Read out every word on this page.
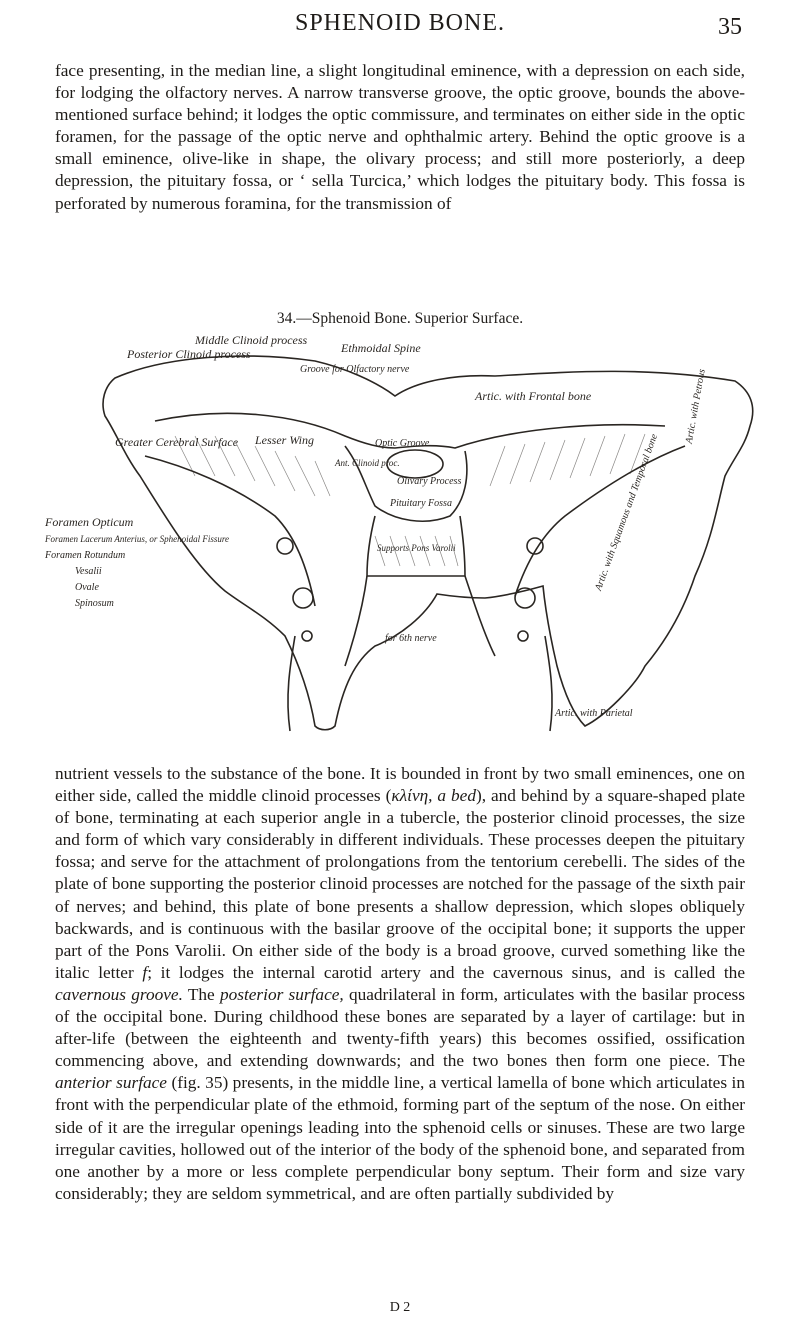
SPHENOID BONE.	35

face presenting, in the median line, a slight longitudinal eminence, with a depression on each side, for lodging the olfactory nerves. A narrow transverse groove, the optic groove, bounds the above-mentioned surface behind; it lodges the optic commissure, and terminates on either side in the optic foramen, for the passage of the optic nerve and ophthalmic artery. Behind the optic groove is a small eminence, olive-like in shape, the olivary process; and still more posteriorly, a deep depression, the pituitary fossa, or ‘ sella Turcica,’ which lodges the pituitary body. This fossa is perforated by numerous foramina, for the transmission of

34.—Sphenoid Bone. Superior Surface.
Middle Clinoid process
Posterior Clinoid process	Ethmoidal Spine
Groove for Olfactory nerve
Artic. with Frontal bone
Lesser Wing
Greater Cerebral Surface	Optic Groove
Olivary Process
Ant. Clinoid proc.
Pituitary Fossa
Foramen Opticum
Foramen Lacerum Anterius, or Sphenoidal Fissure
Foramen Rotundum
Vesalii
Ovale
Spinosum
Supports Pons Varolii
for 6th nerve
Artic. with Parietal
Artic. with Squamous and Temporal bone
Artic. with Petrous

nutrient vessels to the substance of the bone. It is bounded in front by two small eminences, one on either side, called the middle clinoid processes (κλίνη, a bed), and behind by a square-shaped plate of bone, terminating at each superior angle in a tubercle, the posterior clinoid processes, the size and form of which vary considerably in different individuals. These processes deepen the pituitary fossa; and serve for the attachment of prolongations from the tentorium cerebelli. The sides of the plate of bone supporting the posterior clinoid processes are notched for the passage of the sixth pair of nerves; and behind, this plate of bone presents a shallow depression, which slopes obliquely backwards, and is continuous with the basilar groove of the occipital bone; it supports the upper part of the Pons Varolii. On either side of the body is a broad groove, curved something like the italic letter f; it lodges the internal carotid artery and the cavernous sinus, and is called the cavernous groove. The posterior surface, quadrilateral in form, articulates with the basilar process of the occipital bone. During childhood these bones are separated by a layer of cartilage: but in after-life (between the eighteenth and twenty-fifth years) this becomes ossified, ossification commencing above, and extending downwards; and the two bones then form one piece. The anterior surface (fig. 35) presents, in the middle line, a vertical lamella of bone which articulates in front with the perpendicular plate of the ethmoid, forming part of the septum of the nose. On either side of it are the irregular openings leading into the sphenoid cells or sinuses. These are two large irregular cavities, hollowed out of the interior of the body of the sphenoid bone, and separated from one another by a more or less complete perpendicular bony septum. Their form and size vary considerably; they are seldom symmetrical, and are often partially subdivided by

D 2
